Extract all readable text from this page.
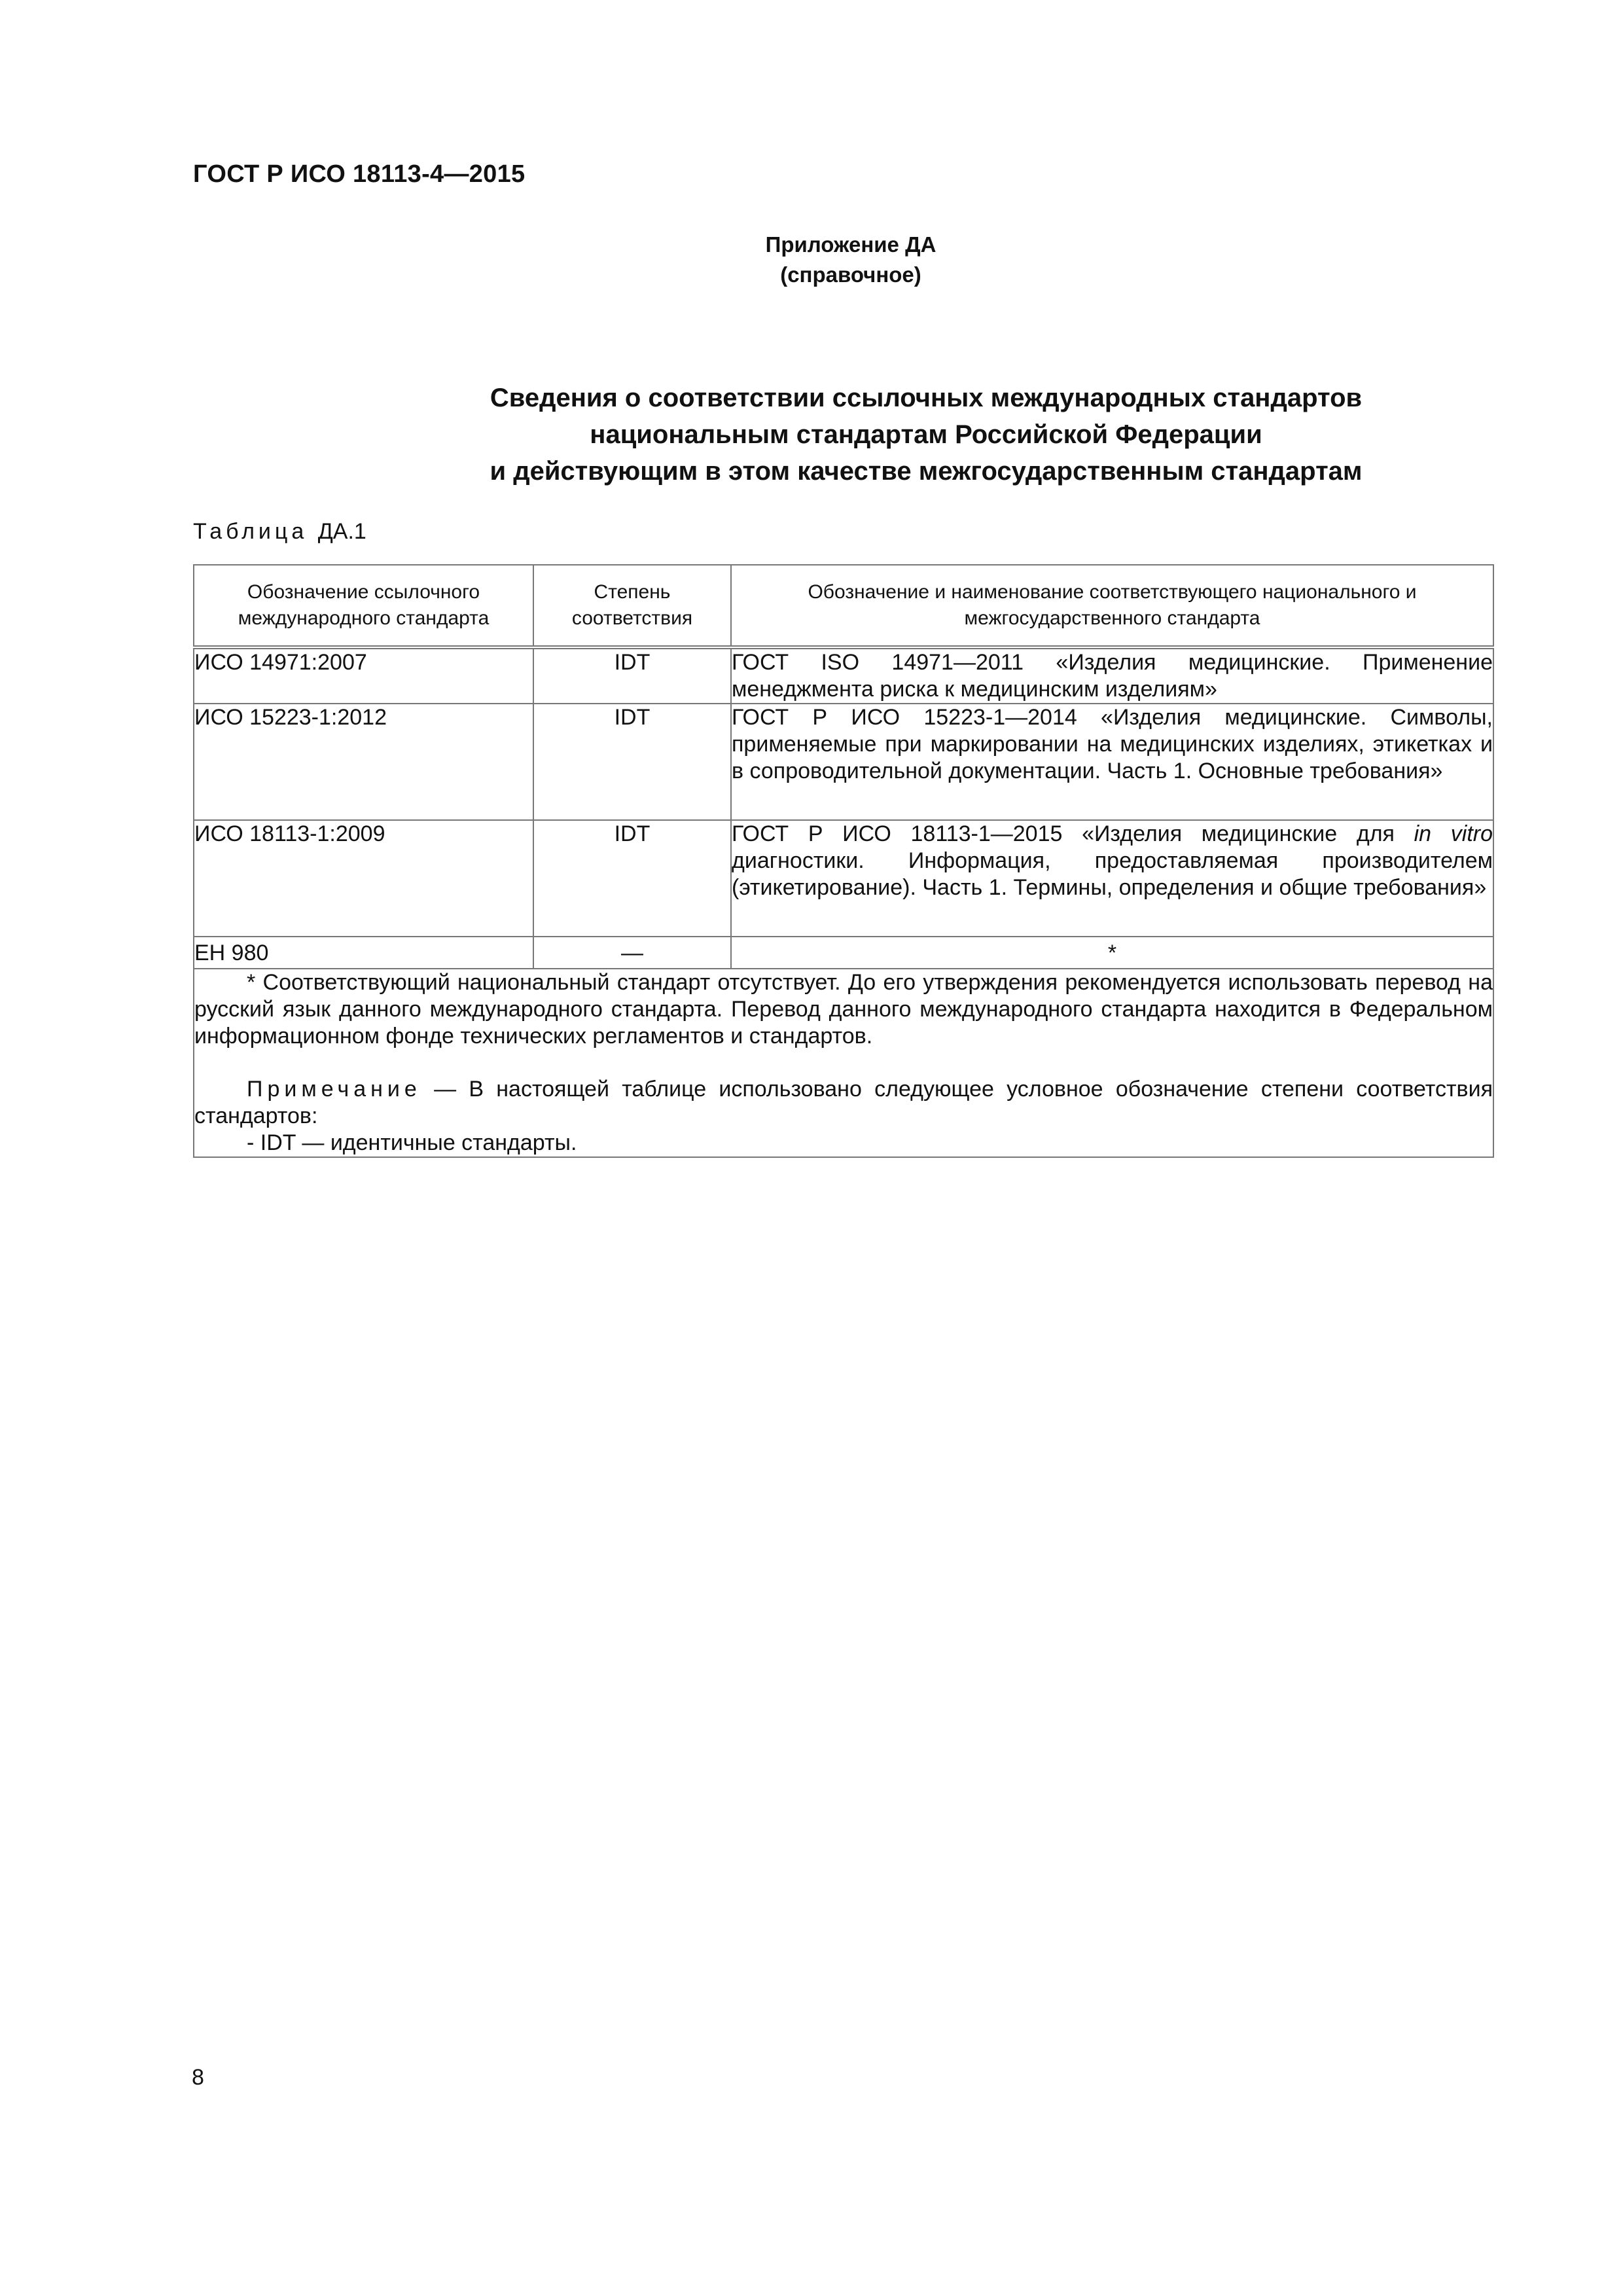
ГОСТ Р ИСО 18113-4—2015
Приложение ДА
(справочное)
Сведения о соответствии ссылочных международных стандартов
национальным стандартам Российской Федерации
и действующим в этом качестве межгосударственным стандартам
Таблица ДА.1
Обозначение ссылочного международного стандарта	Степень соответствия	Обозначение и наименование соответствующего национального и межгосударственного стандарта
ИСО 14971:2007	IDT	ГОСТ ISO 14971—2011 «Изделия медицинские. Применение менеджмента риска к медицинским изделиям»
ИСО 15223-1:2012	IDT	ГОСТ Р ИСО 15223-1—2014 «Изделия медицинские. Символы, применяемые при маркировании на медицинских изделиях, этикетках и в сопроводительной документации. Часть 1. Основные требования»
ИСО 18113-1:2009	IDT	ГОСТ Р ИСО 18113-1—2015 «Изделия медицинские для in vitro диагностики. Информация, предоставляемая производителем (этикетирование). Часть 1. Термины, определения и общие требования»
ЕН 980	—	*

* Соответствующий национальный стандарт отсутствует. До его утверждения рекомендуется использовать перевод на русский язык данного международного стандарта. Перевод данного международного стандарта находится в Федеральном информационном фонде технических регламентов и стандартов.
Примечание — В настоящей таблице использовано следующее условное обозначение степени соответствия стандартов:
- IDT — идентичные стандарты.		
8
